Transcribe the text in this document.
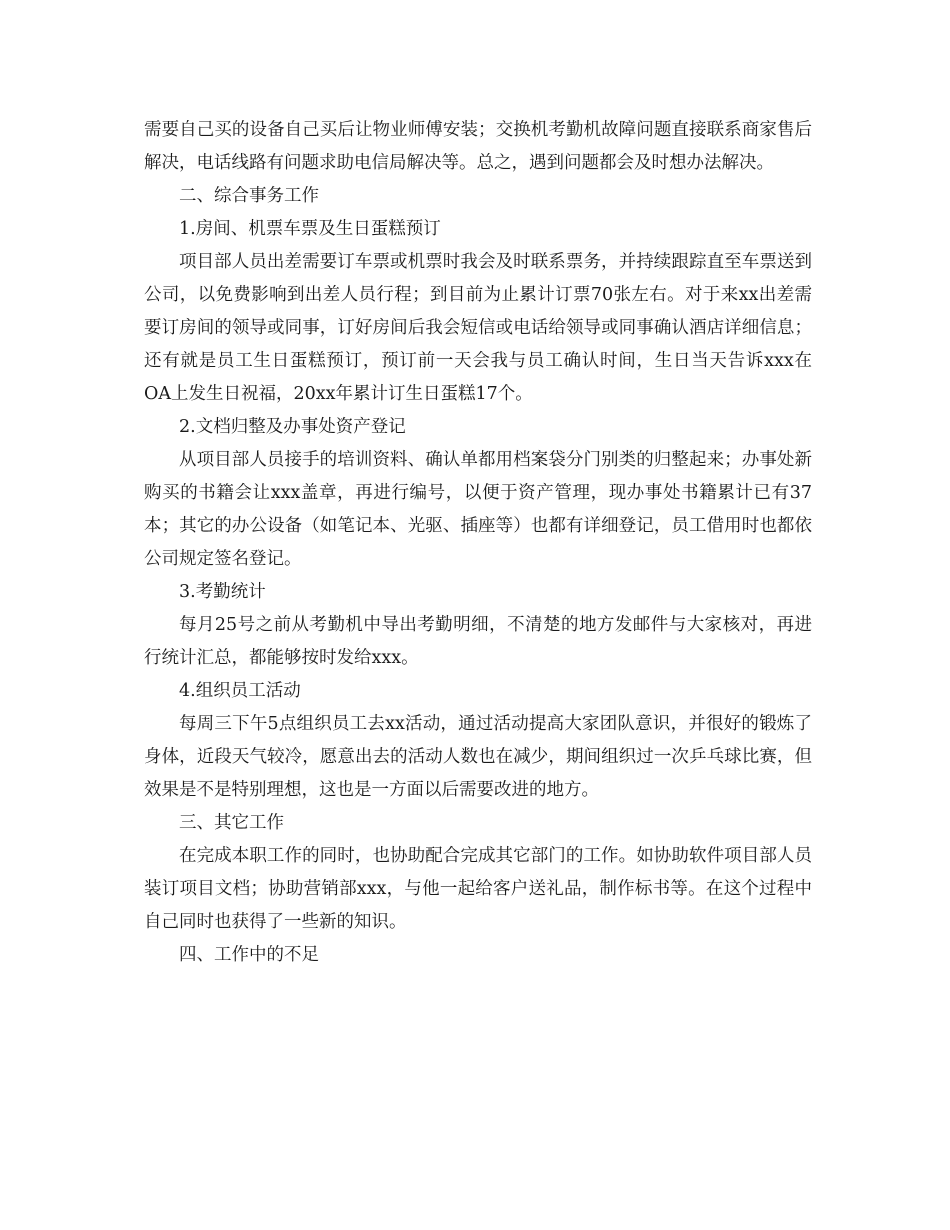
需要自己买的设备自己买后让物业师傅安装；交换机考勤机故障问题直接联系商家售后解决，电话线路有问题求助电信局解决等。总之，遇到问题都会及时想办法解决。

二、综合事务工作

1.房间、机票车票及生日蛋糕预订

项目部人员出差需要订车票或机票时我会及时联系票务，并持续跟踪直至车票送到公司，以免费影响到出差人员行程；到目前为止累计订票70张左右。对于来xx出差需要订房间的领导或同事，订好房间后我会短信或电话给领导或同事确认酒店详细信息；还有就是员工生日蛋糕预订，预订前一天会我与员工确认时间，生日当天告诉xxx在OA上发生日祝福，20xx年累计订生日蛋糕17个。

2.文档归整及办事处资产登记

从项目部人员接手的培训资料、确认单都用档案袋分门别类的归整起来；办事处新购买的书籍会让xxx盖章，再进行编号，以便于资产管理，现办事处书籍累计已有37本；其它的办公设备（如笔记本、光驱、插座等）也都有详细登记，员工借用时也都依公司规定签名登记。

3.考勤统计

每月25号之前从考勤机中导出考勤明细，不清楚的地方发邮件与大家核对，再进行统计汇总，都能够按时发给xxx。

4.组织员工活动

每周三下午5点组织员工去xx活动，通过活动提高大家团队意识，并很好的锻炼了身体，近段天气较冷，愿意出去的活动人数也在减少，期间组织过一次乒乓球比赛，但效果是不是特别理想，这也是一方面以后需要改进的地方。

三、其它工作

在完成本职工作的同时，也协助配合完成其它部门的工作。如协助软件项目部人员装订项目文档；协助营销部xxx，与他一起给客户送礼品，制作标书等。在这个过程中自己同时也获得了一些新的知识。

四、工作中的不足
